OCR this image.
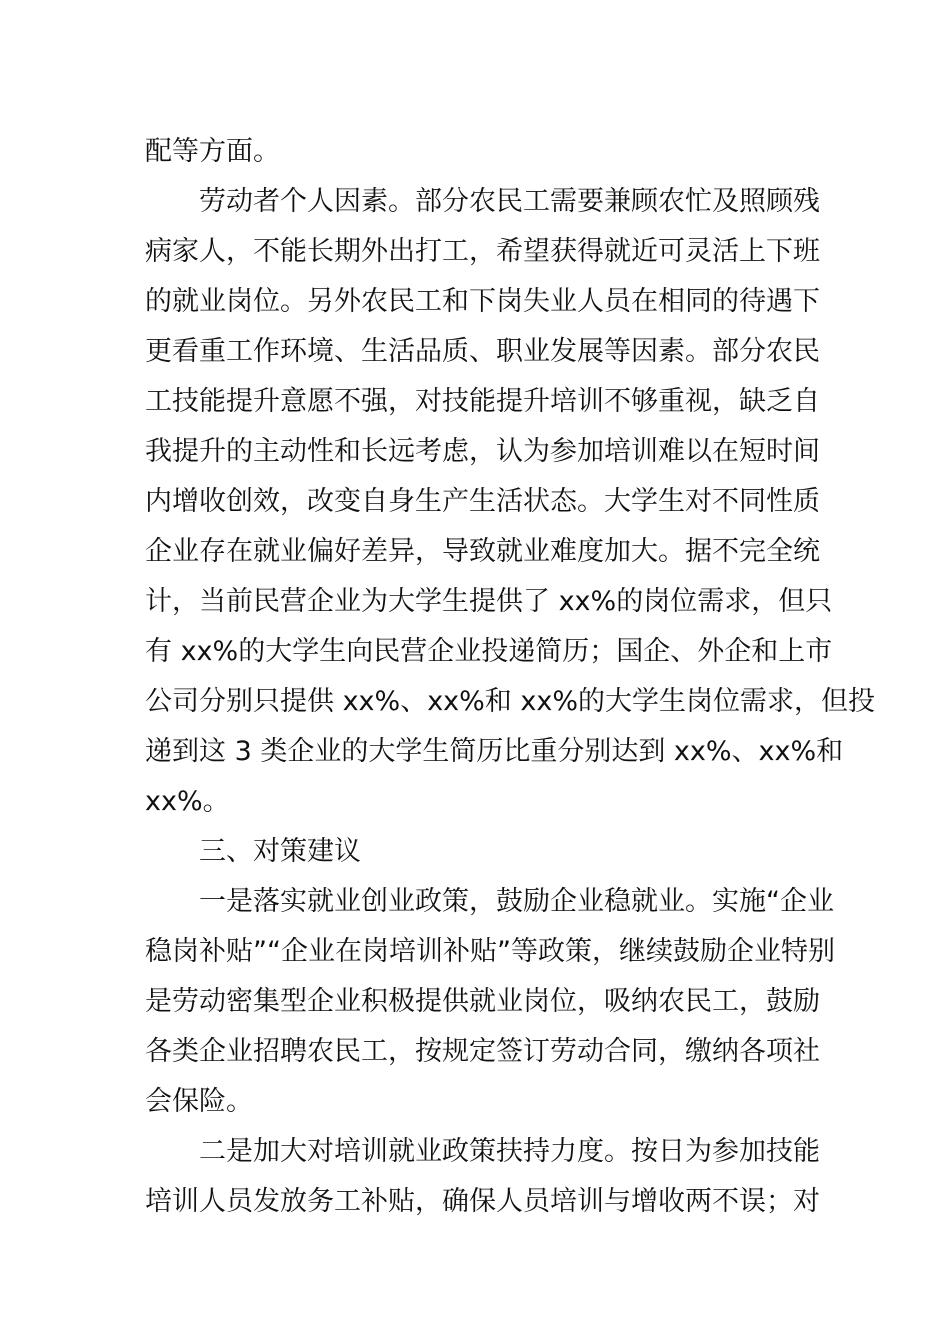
配等方面。
劳动者个人因素。部分农民工需要兼顾农忙及照顾残
病家人，不能长期外出打工，希望获得就近可灵活上下班
的就业岗位。另外农民工和下岗失业人员在相同的待遇下
更看重工作环境、生活品质、职业发展等因素。部分农民
工技能提升意愿不强，对技能提升培训不够重视，缺乏自
我提升的主动性和长远考虑，认为参加培训难以在短时间
内增收创效，改变自身生产生活状态。大学生对不同性质
企业存在就业偏好差异，导致就业难度加大。据不完全统
计，当前民营企业为大学生提供了 xx%的岗位需求，但只
有 xx%的大学生向民营企业投递简历；国企、外企和上市
公司分别只提供 xx%、xx%和 xx%的大学生岗位需求，但投
递到这 3 类企业的大学生简历比重分别达到 xx%、xx%和
xx%。
三、对策建议
一是落实就业创业政策，鼓励企业稳就业。实施“企业
稳岗补贴”“企业在岗培训补贴”等政策，继续鼓励企业特别
是劳动密集型企业积极提供就业岗位，吸纳农民工，鼓励
各类企业招聘农民工，按规定签订劳动合同，缴纳各项社
会保险。
二是加大对培训就业政策扶持力度。按日为参加技能
培训人员发放务工补贴，确保人员培训与增收两不误；对
